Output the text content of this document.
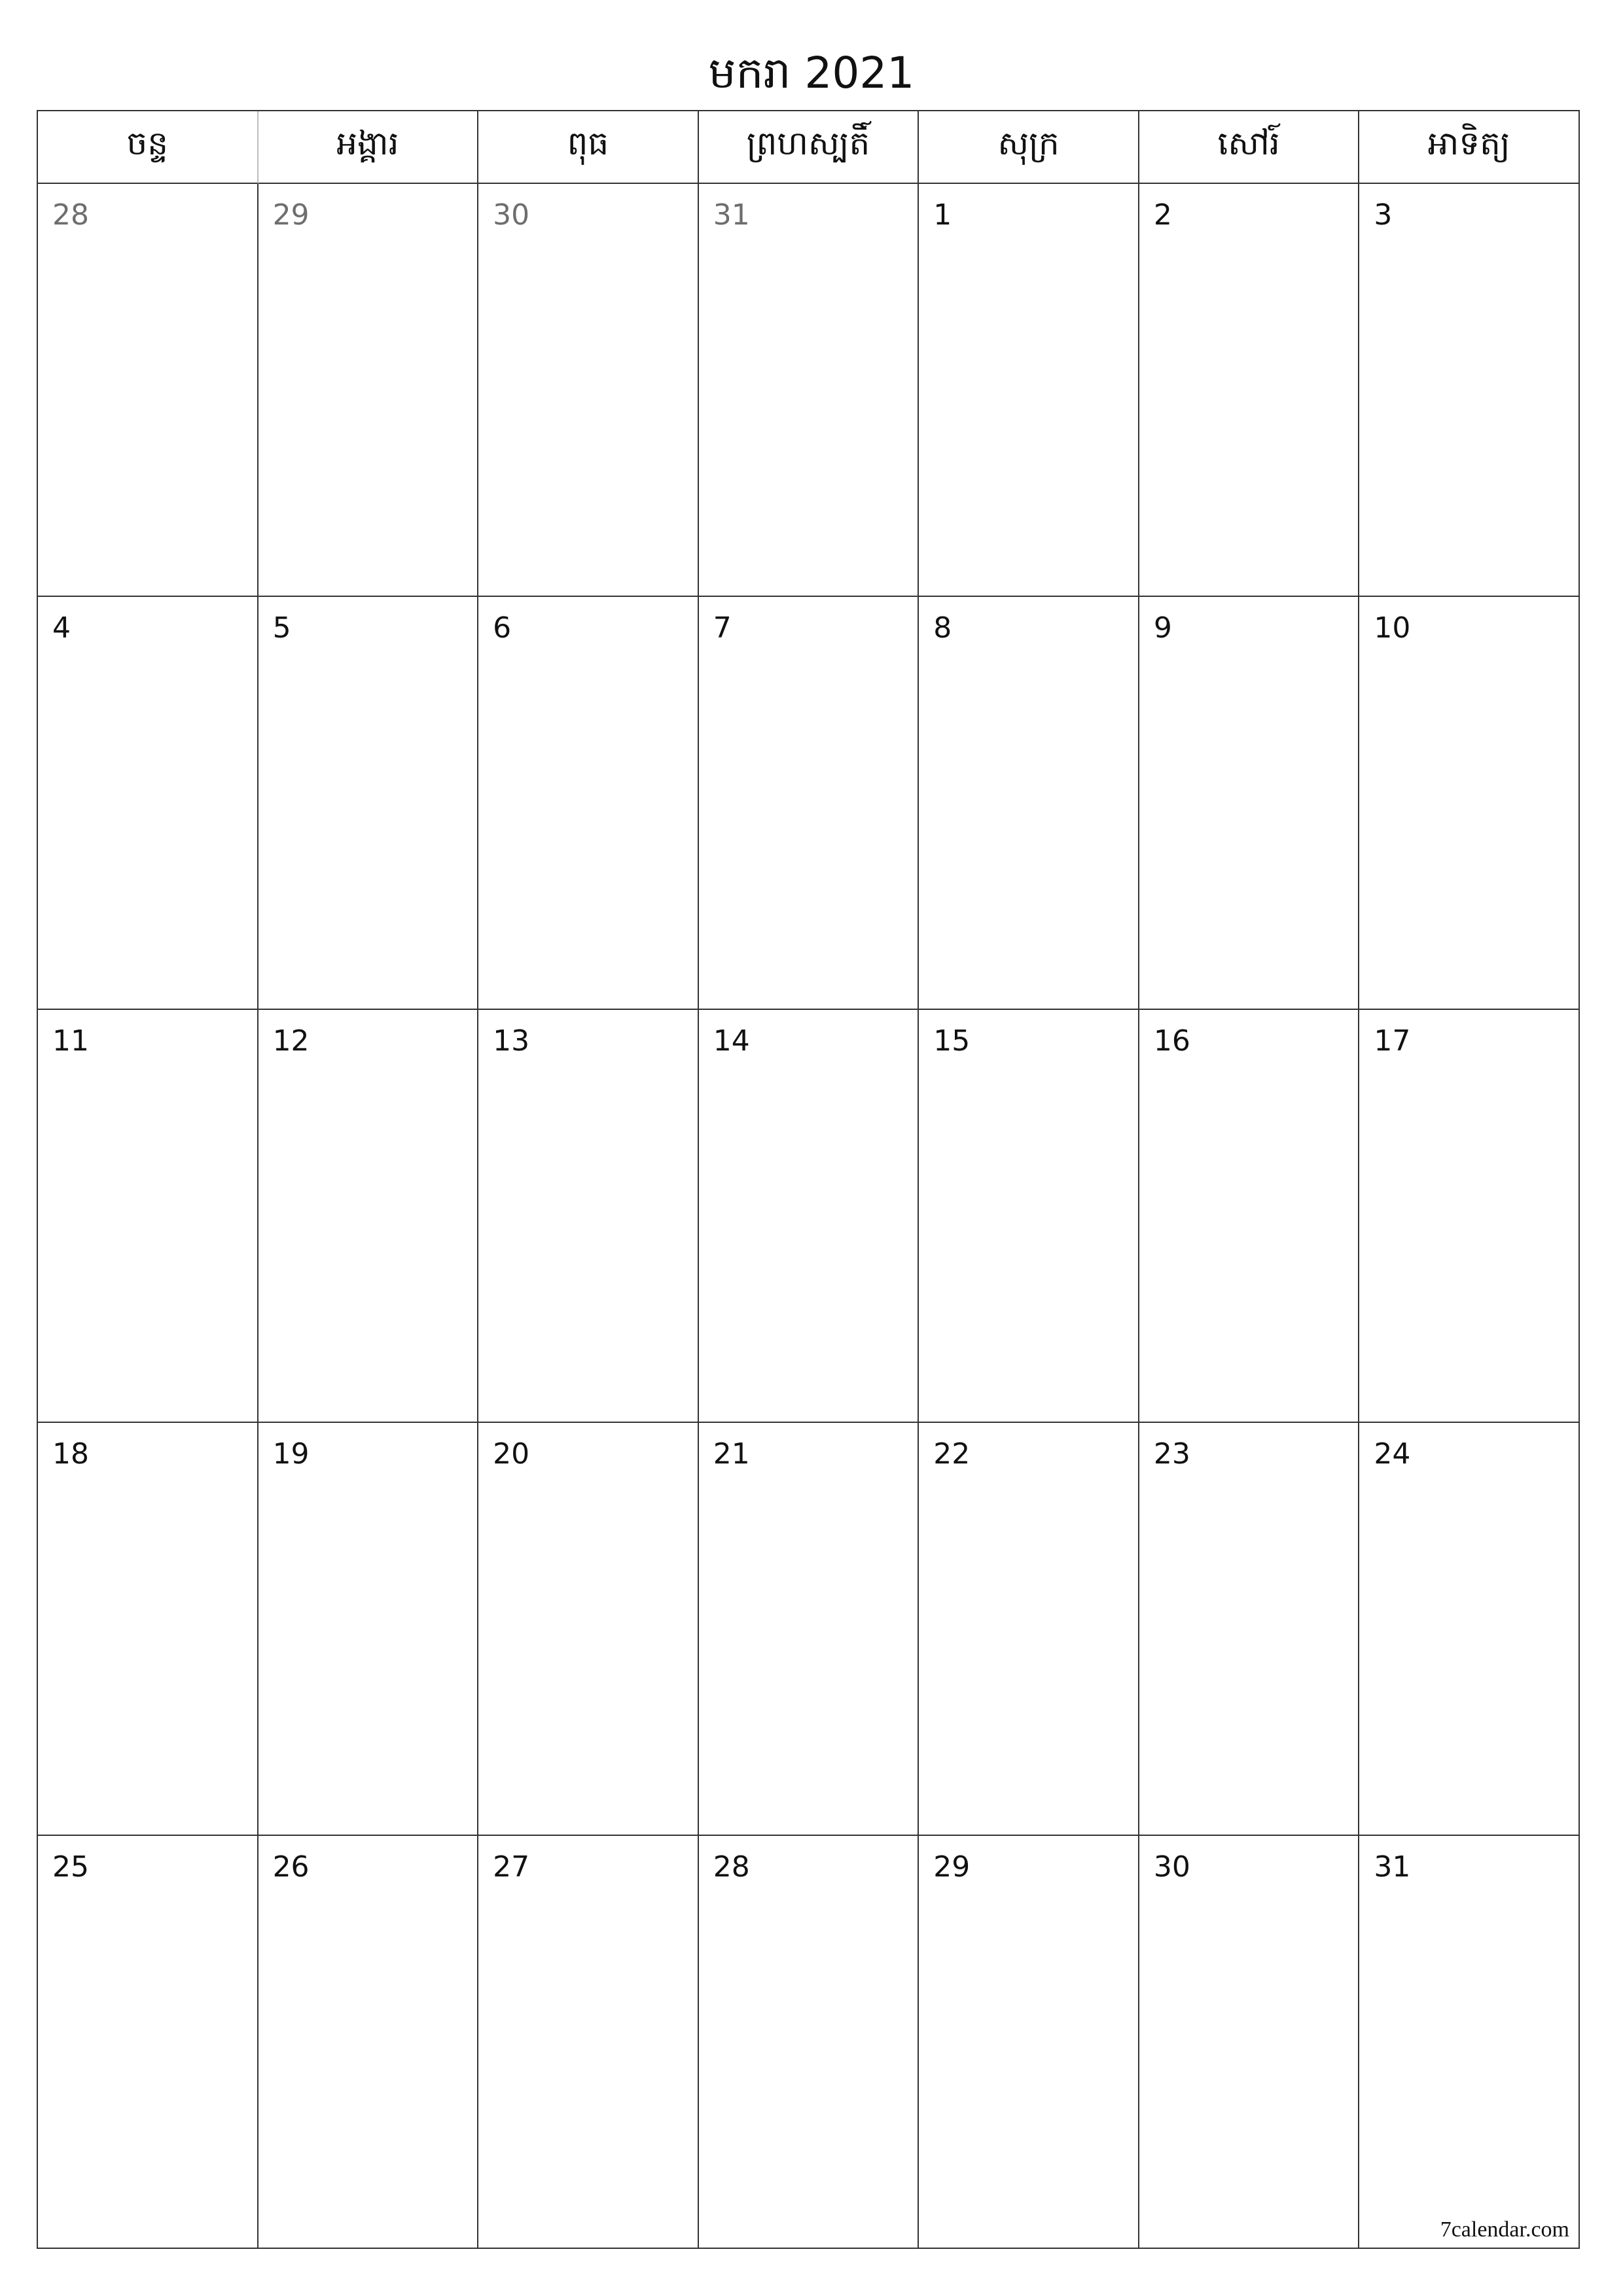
មករា 2021
ចន្ទ	អង្គារ	ពុធ	ព្រហស្បតិ៍	សុក្រ	សៅរ៍	អាទិត្យ
28	29	30	31	1	2	3
4	5	6	7	8	9	10
11	12	13	14	15	16	17
18	19	20	21	22	23	24
25	26	27	28	29	30	31
7calendar.com
